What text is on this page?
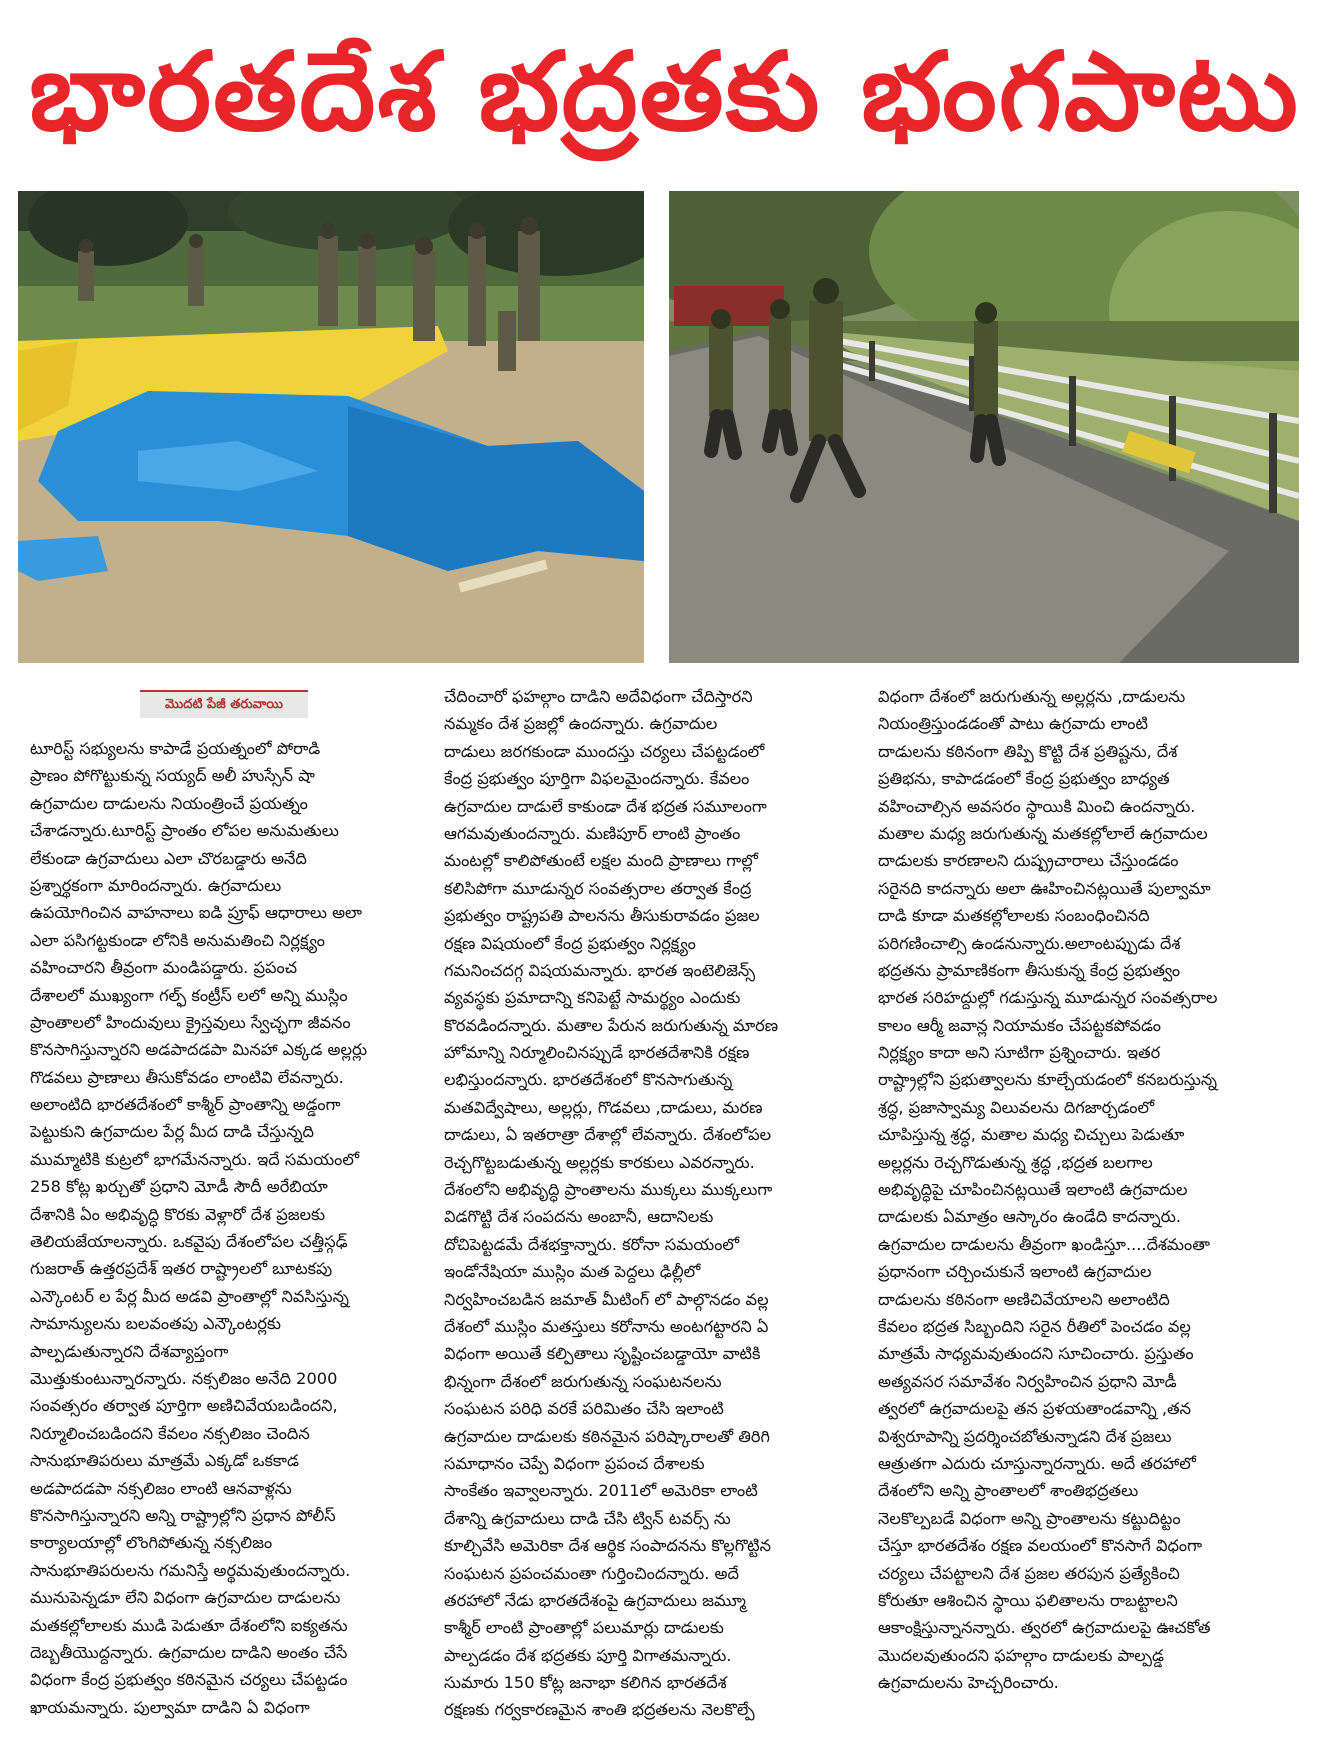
భారతదేశ భద్రతకు భంగపాటు
మొదటి పేజీ తరువాయి
టూరిస్ట్ సభ్యులను కాపాడే ప్రయత్నంలో పోరాడి
ప్రాణం పోగొట్టుకున్న సయ్యద్ అలీ హుస్సేన్ షా
ఉగ్రవాదుల దాడులను నియంత్రించే ప్రయత్నం
చేశాడన్నారు.టూరిస్ట్ ప్రాంతం లోపల అనుమతులు
లేకుండా ఉగ్రవాదులు ఎలా చొరబడ్డారు అనేది
ప్రశ్నార్థకంగా మారిందన్నారు. ఉగ్రవాదులు
ఉపయోగించిన వాహనాలు ఐడి ప్రూఫ్ ఆధారాలు అలా
ఎలా పసిగట్టకుండా లోనికి అనుమతించి నిర్లక్ష్యం
వహించారని తీవ్రంగా మండిపడ్డారు. ప్రపంచ
దేశాలలో ముఖ్యంగా గల్ఫ్ కంట్రీస్ లలో అన్ని ముస్లిం
ప్రాంతాలలో హిందువులు క్రైస్తవులు స్వేచ్ఛగా జీవనం
కొనసాగిస్తున్నారని అడపాదడపా మినహా ఎక్కడ అల్లర్లు
గొడవలు ప్రాణాలు తీసుకోవడం లాంటివి లేవన్నారు.
అలాంటిది భారతదేశంలో కాశ్మీర్ ప్రాంతాన్ని అడ్డంగా
పెట్టుకుని ఉగ్రవాదుల పేర్ల మీద దాడి చేస్తున్నది
ముమ్మాటికి కుట్రలో భాగమేనన్నారు. ఇదే సమయంలో
258 కోట్ల ఖర్చుతో ప్రధాని మోడీ సౌదీ అరేబియా
దేశానికి ఏం అభివృద్ధి కొరకు వెళ్లారో దేశ ప్రజలకు
తెలియజేయాలన్నారు. ఒకవైపు దేశంలోపల చత్తీస్గఢ్
గుజరాత్ ఉత్తరప్రదేశ్ ఇతర రాష్ట్రాలలో బూటకపు
ఎన్కౌంటర్ ల పేర్ల మీద అడవి ప్రాంతాల్లో నివసిస్తున్న
సామాన్యులను బలవంతపు ఎన్కౌంటర్లకు
పాల్పడుతున్నారని దేశవ్యాప్తంగా
మొత్తుకుంటున్నారన్నారు. నక్సలిజం అనేది 2000
సంవత్సరం తర్వాత పూర్తిగా అణిచివేయబడిందని,
నిర్మూలించబడిందని కేవలం నక్సలిజం చెందిన
సానుభూతిపరులు మాత్రమే ఎక్కడో ఒకకాడ
అడపాదడపా నక్సలిజం లాంటి ఆనవాళ్లను
కొనసాగిస్తున్నారని అన్ని రాష్ట్రాల్లోని ప్రధాన పోలీస్
కార్యాలయాల్లో లొంగిపోతున్న నక్సలిజం
సానుభూతిపరులను గమనిస్తే అర్థమవుతుందన్నారు.
మునుపెన్నడూ లేని విధంగా ఉగ్రవాదుల దాడులను
మతకల్లోలాలకు ముడి పెడుతూ దేశంలోని ఐక్యతను
దెబ్బతీయొద్దన్నారు. ఉగ్రవాదుల దాడిని అంతం చేసే
విధంగా కేంద్ర ప్రభుత్వం కఠినమైన చర్యలు చేపట్టడం
ఖాయమన్నారు. పుల్వామా దాడిని ఏ విధంగా
చేదించారో ఫహల్గాం దాడిని అదేవిధంగా చేదిస్తారని
నమ్మకం దేశ ప్రజల్లో ఉందన్నారు. ఉగ్రవాదుల
దాడులు జరగకుండా ముందస్తు చర్యలు చేపట్టడంలో
కేంద్ర ప్రభుత్వం పూర్తిగా విఫలమైందన్నారు. కేవలం
ఉగ్రవాదుల దాడులే కాకుండా దేశ భద్రత సమూలంగా
ఆగమవుతుందన్నారు. మణిపూర్ లాంటి ప్రాంతం
మంటల్లో కాలిపోతుంటే లక్షల మంది ప్రాణాలు గాల్లో
కలిసిపోగా మూడున్నర సంవత్సరాల తర్వాత కేంద్ర
ప్రభుత్వం రాష్ట్రపతి పాలనను తీసుకురావడం ప్రజల
రక్షణ విషయంలో కేంద్ర ప్రభుత్వం నిర్లక్ష్యం
గమనించదగ్గ విషయమన్నారు. భారత ఇంటెలిజెన్స్
వ్యవస్థకు ప్రమాదాన్ని కనిపెట్టే సామర్థ్యం ఎందుకు
కొరవడిందన్నారు. మతాల పేరున జరుగుతున్న మారణ
హోమాన్ని నిర్మూలించినప్పుడే భారతదేశానికి రక్షణ
లభిస్తుందన్నారు. భారతదేశంలో కొనసాగుతున్న
మతవిద్వేషాలు, అల్లర్లు, గొడవలు ,దాడులు, మరణ
దాడులు, ఏ ఇతరాత్రా దేశాల్లో లేవన్నారు. దేశంలోపల
రెచ్చగొట్టబడుతున్న అల్లర్లకు కారకులు ఎవరన్నారు.
దేశంలోని అభివృద్ధి ప్రాంతాలను ముక్కలు ముక్కలుగా
విడగొట్టి దేశ సంపదను అంబానీ, ఆదానిలకు
దోచిపెట్టడమే దేశభక్తాన్నారు. కరోనా సమయంలో
ఇండోనేషియా ముస్లిం మత పెద్దలు ఢిల్లీలో
నిర్వహించబడిన జమాత్ మీటింగ్ లో పాల్గొనడం వల్ల
దేశంలో ముస్లిం మతస్తులు కరోనాను అంటగట్టారని ఏ
విధంగా అయితే కల్పితాలు సృష్టించబడ్డాయో వాటికి
భిన్నంగా దేశంలో జరుగుతున్న సంఘటనలను
సంఘటన పరిధి వరకే పరిమితం చేసి ఇలాంటి
ఉగ్రవాదుల దాడులకు కఠినమైన పరిష్కారాలతో తిరిగి
సమాధానం చెప్పే విధంగా ప్రపంచ దేశాలకు
సాంకేతం ఇవ్వాలన్నారు. 2011లో అమెరికా లాంటి
దేశాన్ని ఉగ్రవాదులు దాడి చేసి ట్విన్ టవర్స్ ను
కూల్చివేసి అమెరికా దేశ ఆర్థిక సంపాదనను కొల్లగొట్టిన
సంఘటన ప్రపంచమంతా గుర్తించిందన్నారు. అదే
తరహాలో నేడు భారతదేశంపై ఉగ్రవాదులు జమ్మూ
కాశ్మీర్ లాంటి ప్రాంతాల్లో పలుమార్లు దాడులకు
పాల్పడడం దేశ భద్రతకు పూర్తి విగాతమన్నారు.
సుమారు 150 కోట్ల జనాభా కలిగిన భారతదేశ
రక్షణకు గర్వకారణమైన శాంతి భద్రతలను నెలకొల్పే
విధంగా దేశంలో జరుగుతున్న అల్లర్లను ,దాడులను
నియంత్రిస్తుండడంతో పాటు ఉగ్రవాదు లాంటి
దాడులను కఠినంగా తిప్పి కొట్టి దేశ ప్రతిష్టను, దేశ
ప్రతిభను, కాపాడడంలో కేంద్ర ప్రభుత్వం బాధ్యత
వహించాల్సిన అవసరం స్థాయికి మించి ఉందన్నారు.
మతాల మధ్య జరుగుతున్న మతకల్లోలాలే ఉగ్రవాదుల
దాడులకు కారణాలని దుష్ప్రచారాలు చేస్తుండడం
సరైనది కాదన్నారు అలా ఊహించినట్లయితే పుల్వామా
దాడి కూడా మతకల్లోలాలకు సంబంధించినది
పరిగణించాల్సి ఉండనున్నారు.అలాంటప్పుడు దేశ
భద్రతను ప్రామాణికంగా తీసుకున్న కేంద్ర ప్రభుత్వం
భారత సరిహద్దుల్లో గడుస్తున్న మూడున్నర సంవత్సరాల
కాలం ఆర్మీ జవాన్ల నియామకం చేపట్టకపోవడం
నిర్లక్ష్యం కాదా అని సూటిగా ప్రశ్నించారు. ఇతర
రాష్ట్రాల్లోని ప్రభుత్వాలను కూల్చేయడంలో కనబరుస్తున్న
శ్రద్ధ, ప్రజాస్వామ్య విలువలను దిగజార్చడంలో
చూపిస్తున్న శ్రద్ధ, మతాల మధ్య చిచ్చులు పెడుతూ
అల్లర్లను రెచ్చగొడుతున్న శ్రద్ధ ,భద్రత బలగాల
అభివృద్ధిపై చూపించినట్లయితే ఇలాంటి ఉగ్రవాదుల
దాడులకు ఏమాత్రం ఆస్కారం ఉండేది కాదన్నారు.
ఉగ్రవాదుల దాడులను తీవ్రంగా ఖండిస్తూ....దేశమంతా
ప్రధానంగా చర్చించుకునే ఇలాంటి ఉగ్రవాదుల
దాడులను కఠినంగా అణిచివేయాలని అలాంటిది
కేవలం భద్రత సిబ్బందిని సరైన రీతిలో పెంచడం వల్ల
మాత్రమే సాధ్యమవుతుందని సూచించారు. ప్రస్తుతం
అత్యవసర సమావేశం నిర్వహించిన ప్రధాని మోడీ
త్వరలో ఉగ్రవాదులపై తన ప్రళయతాండవాన్ని ,తన
విశ్వరూపాన్ని ప్రదర్శించబోతున్నాడని దేశ ప్రజలు
ఆత్రుతగా ఎదురు చూస్తున్నారన్నారు. అదే తరహాలో
దేశంలోని అన్ని ప్రాంతాలలో శాంతిభద్రతలు
నెలకొల్పబడే విధంగా అన్ని ప్రాంతాలను కట్టుదిట్టం
చేస్తూ భారతదేశం రక్షణ వలయంలో కొనసాగే విధంగా
చర్యలు చేపట్టాలని దేశ ప్రజల తరపున ప్రత్యేకించి
కోరుతూ ఆశించిన స్థాయి ఫలితాలను రాబట్టాలని
ఆకాంక్షిస్తున్నానన్నారు. త్వరలో ఉగ్రవాదులపై ఊచకోత
మొదలవుతుందని ఫహల్గాం దాడులకు పాల్పడ్డ
ఉగ్రవాదులను హెచ్చరించారు.
